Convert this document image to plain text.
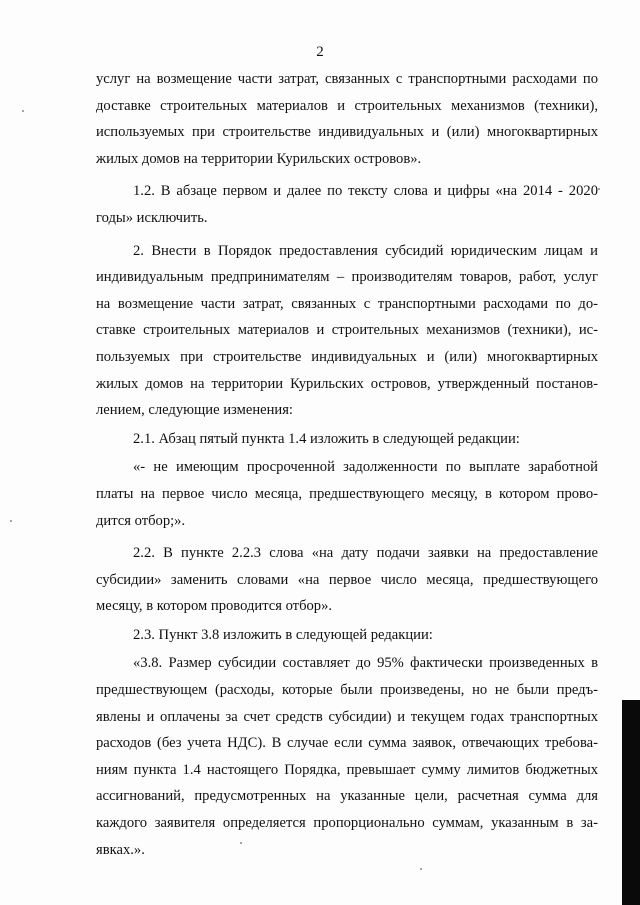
2
услуг на возмещение части затрат, связанных с транспортными расходами по
доставке строительных материалов и строительных механизмов (техники),
используемых при строительстве индивидуальных и (или) многоквартирных
жилых домов на территории Курильских островов».
1.2. В абзаце первом и далее по тексту слова и цифры «на 2014 - 2020
годы» исключить.
2. Внести в Порядок предоставления субсидий юридическим лицам и
индивидуальным предпринимателям – производителям товаров, работ, услуг
на возмещение части затрат, связанных с транспортными расходами по до-
ставке строительных материалов и строительных механизмов (техники), ис-
пользуемых при строительстве индивидуальных и (или) многоквартирных
жилых домов на территории Курильских островов, утвержденный постанов-
лением, следующие изменения:
2.1. Абзац пятый пункта 1.4 изложить в следующей редакции:
«- не имеющим просроченной задолженности по выплате заработной
платы на первое число месяца, предшествующего месяцу, в котором прово-
дится отбор;».
2.2. В пункте 2.2.3 слова «на дату подачи заявки на предоставление
субсидии» заменить словами «на первое число месяца, предшествующего
месяцу, в котором проводится отбор».
2.3. Пункт 3.8 изложить в следующей редакции:
«3.8. Размер субсидии составляет до 95% фактически произведенных в
предшествующем (расходы, которые были произведены, но не были предъ-
явлены и оплачены за счет средств субсидии) и текущем годах транспортных
расходов (без учета НДС). В случае если сумма заявок, отвечающих требова-
ниям пункта 1.4 настоящего Порядка, превышает сумму лимитов бюджетных
ассигнований, предусмотренных на указанные цели, расчетная сумма для
каждого заявителя определяется пропорционально суммам, указанным в за-
явках.».
